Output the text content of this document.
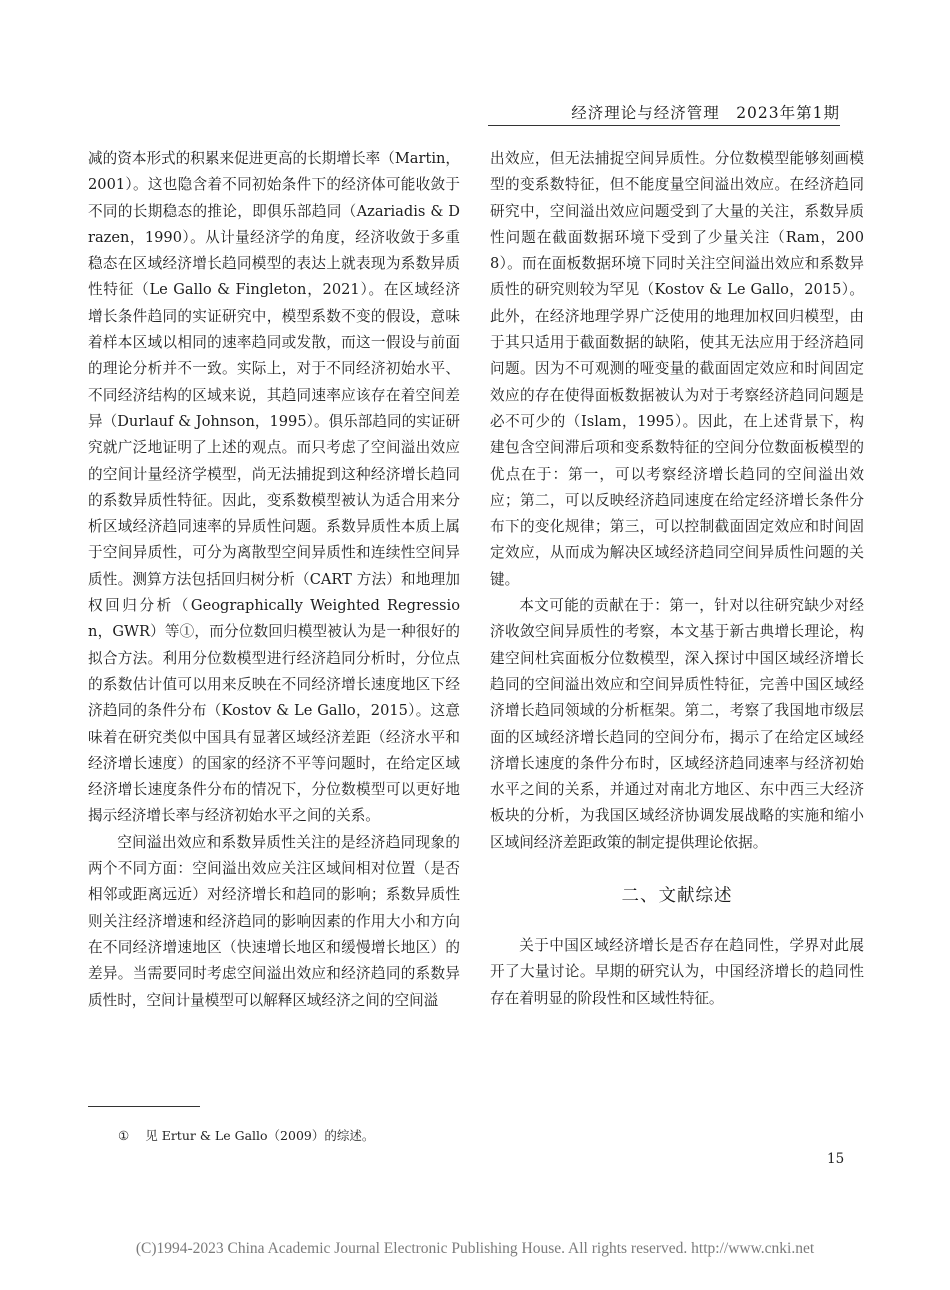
经济理论与经济管理　2023年第1期

减的资本形式的积累来促进更高的长期增长率（Martin，2001）。这也隐含着不同初始条件下的经济体可能收敛于不同的长期稳态的推论，即俱乐部趋同（Azariadis & Drazen，1990）。从计量经济学的角度，经济收敛于多重稳态在区域经济增长趋同模型的表达上就表现为系数异质性特征（Le Gallo & Fingleton，2021）。在区域经济增长条件趋同的实证研究中，模型系数不变的假设，意味着样本区域以相同的速率趋同或发散，而这一假设与前面的理论分析并不一致。实际上，对于不同经济初始水平、不同经济结构的区域来说，其趋同速率应该存在着空间差异（Durlauf & Johnson，1995）。俱乐部趋同的实证研究就广泛地证明了上述的观点。而只考虑了空间溢出效应的空间计量经济学模型，尚无法捕捉到这种经济增长趋同的系数异质性特征。因此，变系数模型被认为适合用来分析区域经济趋同速率的异质性问题。系数异质性本质上属于空间异质性，可分为离散型空间异质性和连续性空间异质性。测算方法包括回归树分析（CART 方法）和地理加权回归分析（Geographically Weighted Regression，GWR）等①，而分位数回归模型被认为是一种很好的拟合方法。利用分位数模型进行经济趋同分析时，分位点的系数估计值可以用来反映在不同经济增长速度地区下经济趋同的条件分布（Kostov & Le Gallo，2015）。这意味着在研究类似中国具有显著区域经济差距（经济水平和经济增长速度）的国家的经济不平等问题时，在给定区域经济增长速度条件分布的情况下，分位数模型可以更好地揭示经济增长率与经济初始水平之间的关系。

空间溢出效应和系数异质性关注的是经济趋同现象的两个不同方面：空间溢出效应关注区域间相对位置（是否相邻或距离远近）对经济增长和趋同的影响；系数异质性则关注经济增速和经济趋同的影响因素的作用大小和方向在不同经济增速地区（快速增长地区和缓慢增长地区）的差异。当需要同时考虑空间溢出效应和经济趋同的系数异质性时，空间计量模型可以解释区域经济之间的空间溢

出效应，但无法捕捉空间异质性。分位数模型能够刻画模型的变系数特征，但不能度量空间溢出效应。在经济趋同研究中，空间溢出效应问题受到了大量的关注，系数异质性问题在截面数据环境下受到了少量关注（Ram，2008）。而在面板数据环境下同时关注空间溢出效应和系数异质性的研究则较为罕见（Kostov & Le Gallo，2015）。此外，在经济地理学界广泛使用的地理加权回归模型，由于其只适用于截面数据的缺陷，使其无法应用于经济趋同问题。因为不可观测的哑变量的截面固定效应和时间固定效应的存在使得面板数据被认为对于考察经济趋同问题是必不可少的（Islam，1995）。因此，在上述背景下，构建包含空间滞后项和变系数特征的空间分位数面板模型的优点在于：第一，可以考察经济增长趋同的空间溢出效应；第二，可以反映经济趋同速度在给定经济增长条件分布下的变化规律；第三，可以控制截面固定效应和时间固定效应，从而成为解决区域经济趋同空间异质性问题的关键。

本文可能的贡献在于：第一，针对以往研究缺少对经济收敛空间异质性的考察，本文基于新古典增长理论，构建空间杜宾面板分位数模型，深入探讨中国区域经济增长趋同的空间溢出效应和空间异质性特征，完善中国区域经济增长趋同领域的分析框架。第二，考察了我国地市级层面的区域经济增长趋同的空间分布，揭示了在给定区域经济增长速度的条件分布时，区域经济趋同速率与经济初始水平之间的关系，并通过对南北方地区、东中西三大经济板块的分析，为我国区域经济协调发展战略的实施和缩小区域间经济差距政策的制定提供理论依据。

二、文献综述

关于中国区域经济增长是否存在趋同性，学界对此展开了大量讨论。早期的研究认为，中国经济增长的趋同性存在着明显的阶段性和区域性特征。

① 见 Ertur & Le Gallo（2009）的综述。
15
(C)1994-2023 China Academic Journal Electronic Publishing House. All rights reserved. http://www.cnki.net
